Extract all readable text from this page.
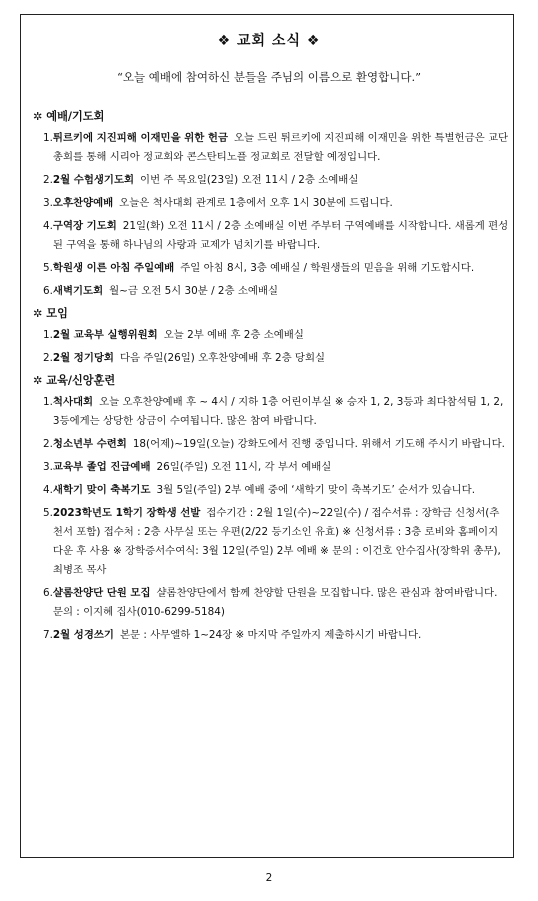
❖ 교회 소식 ❖
“오늘 예배에 참여하신 분들을 주님의 이름으로 환영합니다.”
✲ 예배/기도회
1. 튀르키에 지진피해 이재민을 위한 헌금 오늘 드린 튀르키에 지진피해 이재민을 위한 특별헌금은 교단총회를 통해 시리아 정교회와 콘스탄티노플 정교회로 전달할 예정입니다.
2. 2월 수험생기도회 이번 주 목요일(23일) 오전 11시 / 2층 소예배실
3. 오후찬양예배 오늘은 척사대회 관계로 1층에서 오후 1시 30분에 드립니다.
4. 구역장 기도회 21일(화) 오전 11시 / 2층 소예배실 이번 주부터 구역예배를 시작합니다. 새롭게 편성된 구역을 통해 하나님의 사랑과 교제가 넘치기를 바랍니다.
5. 학원생 이른 아침 주일예배 주일 아침 8시, 3층 예배실 / 학원생들의 믿음을 위해 기도합시다.
6. 새벽기도회 월~금 오전 5시 30분 / 2층 소예배실
✲ 모임
1. 2월 교육부 실행위원회 오늘 2부 예배 후 2층 소예배실
2. 2월 정기당회 다음 주일(26일) 오후찬양예배 후 2층 당회실
✲ 교육/신앙훈련
1. 척사대회 오늘 오후찬양예배 후 ~ 4시 / 지하 1층 어린이부실 ※ 승자 1, 2, 3등과 최다참석팀 1, 2, 3등에게는 상당한 상금이 수여됩니다. 많은 참여 바랍니다.
2. 청소년부 수련회 18(어제)~19일(오늘) 강화도에서 진행 중입니다. 위해서 기도해 주시기 바랍니다.
3. 교육부 졸업 진급예배 26일(주일) 오전 11시, 각 부서 예배실
4. 새학기 맞이 축복기도 3월 5일(주일) 2부 예배 중에 ‘새학기 맞이 축복기도’ 순서가 있습니다.
5. 2023학년도 1학기 장학생 선발 접수기간 : 2월 1일(수)~22일(수) / 접수서류 : 장학금 신청서(추천서 포함) 접수처 : 2층 사무실 또는 우편(2/22 등기소인 유효) ※ 신청서류 : 3층 로비와 홈페이지 다운 후 사용 ※ 장학증서수여식: 3월 12일(주일) 2부 예배 ※ 문의 : 이건호 안수집사(장학위 총무), 최병조 목사
6. 샬롬찬양단 단원 모집 샬롬찬양단에서 함께 찬양할 단원을 모집합니다. 많은 관심과 참여바랍니다. 문의 : 이지혜 집사(010-6299-5184)
7. 2월 성경쓰기 본문 : 사무엘하 1~24장 ※ 마지막 주일까지 제출하시기 바랍니다.
2
